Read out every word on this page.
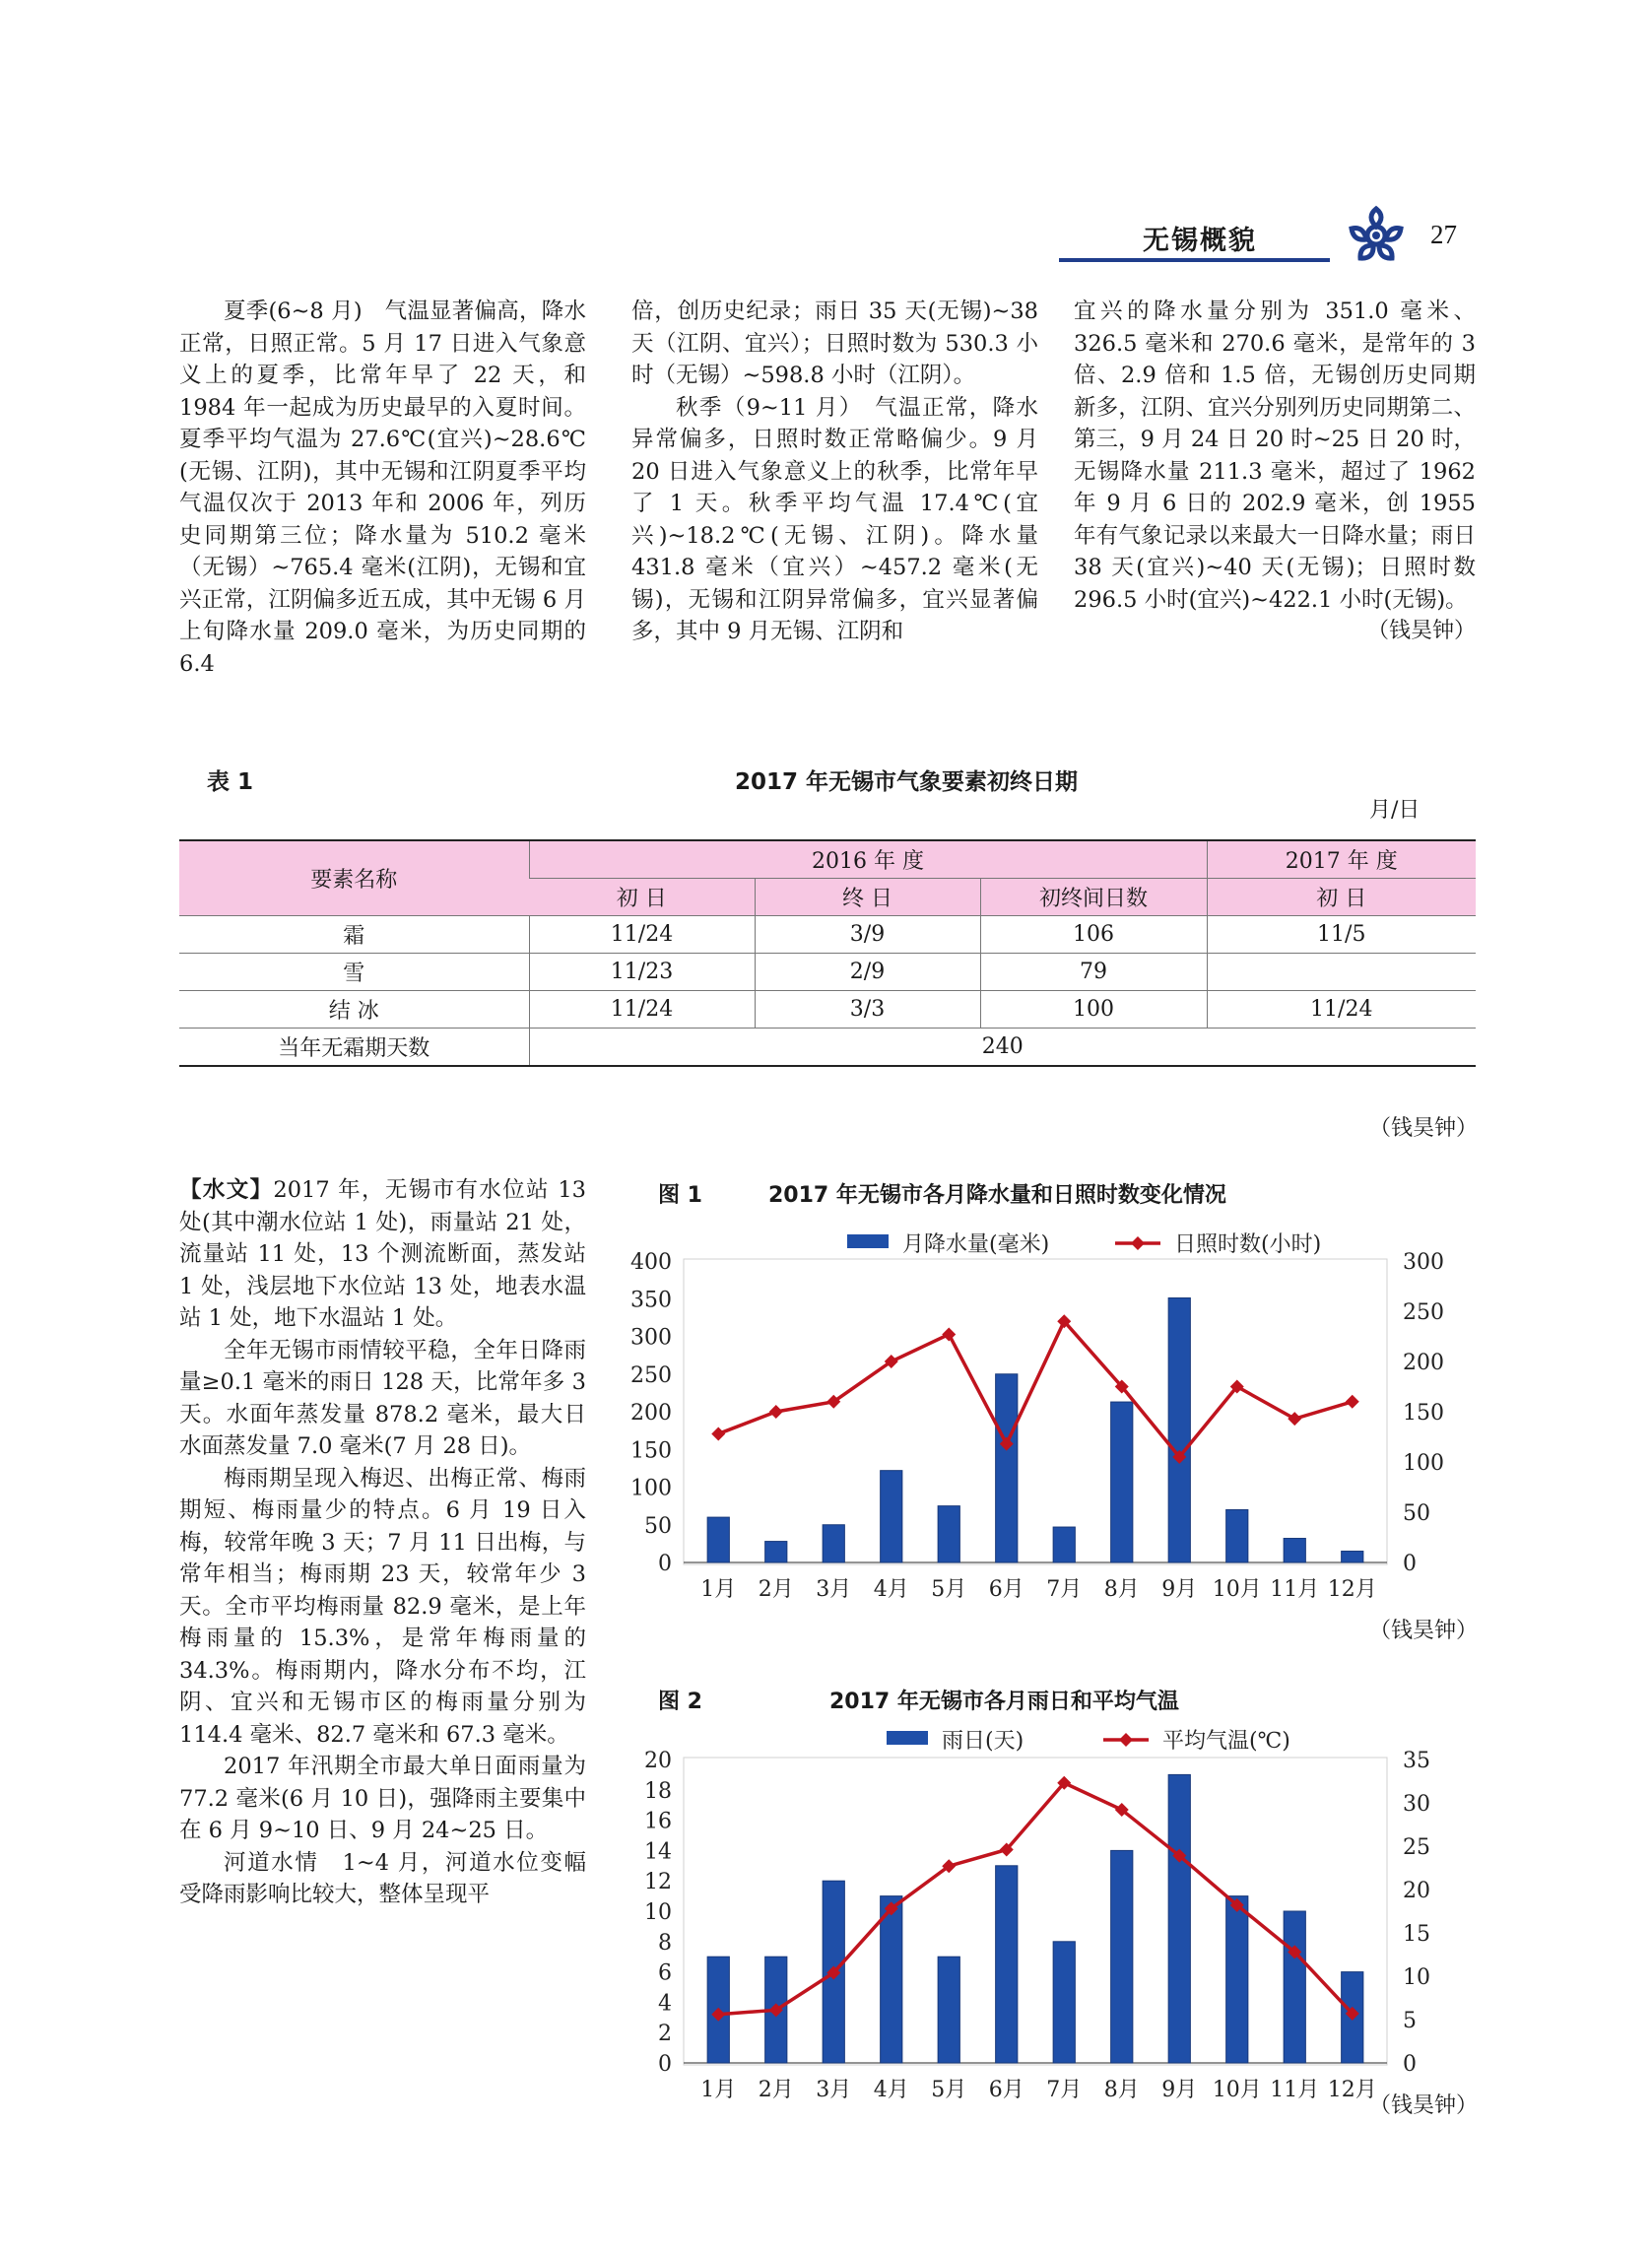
无锡概貌	27

夏季(6~8 月)　气温显著偏高，降水正常，日照正常。5 月 17 日进入气象意义上的夏季，比常年早了 22 天，和 1984 年一起成为历史最早的入夏时间。夏季平均气温为 27.6℃(宜兴)~28.6℃(无锡、江阴)，其中无锡和江阴夏季平均气温仅次于 2013 年和 2006 年，列历史同期第三位；降水量为 510.2 毫米（无锡）~765.4 毫米(江阴)，无锡和宜兴正常，江阴偏多近五成，其中无锡 6 月上旬降水量 209.0 毫米，为历史同期的 6.4

倍，创历史纪录；雨日 35 天(无锡)~38 天（江阴、宜兴）；日照时数为 530.3 小时（无锡）~598.8 小时（江阴）。

秋季（9~11 月）　气温正常，降水异常偏多，日照时数正常略偏少。9 月 20 日进入气象意义上的秋季，比常年早了 1 天。秋季平均气温 17.4℃(宜兴)~18.2℃(无锡、江阴)。降水量 431.8 毫米（宜兴）~457.2 毫米(无锡)，无锡和江阴异常偏多，宜兴显著偏多，其中 9 月无锡、江阴和

宜兴的降水量分别为 351.0 毫米、326.5 毫米和 270.6 毫米，是常年的 3 倍、2.9 倍和 1.5 倍，无锡创历史同期新多，江阴、宜兴分别列历史同期第二、第三，9 月 24 日 20 时~25 日 20 时，无锡降水量 211.3 毫米，超过了 1962 年 9 月 6 日的 202.9 毫米，创 1955 年有气象记录以来最大一日降水量；雨日 38 天(宜兴)~40 天(无锡)；日照时数 296.5 小时(宜兴)~422.1 小时(无锡)。

（钱昊钟）

表 1	2017 年无锡市气象要素初终日期
月/日
要素名称	2016 年 度			2017 年 度
	初 日	终 日	初终间日数	初 日
霜	11/24	3/9	106	11/5
雪	11/23	2/9	79	
结 冰	11/24	3/3	100	11/24
当年无霜期天数	240			
（钱昊钟）

【水文】2017 年，无锡市有水位站 13 处(其中潮水位站 1 处)，雨量站 21 处，流量站 11 处，13 个测流断面，蒸发站 1 处，浅层地下水位站 13 处，地表水温站 1 处，地下水温站 1 处。

全年无锡市雨情较平稳，全年日降雨量≥0.1 毫米的雨日 128 天，比常年多 3 天。水面年蒸发量 878.2 毫米，最大日水面蒸发量 7.0 毫米(7 月 28 日)。

梅雨期呈现入梅迟、出梅正常、梅雨期短、梅雨量少的特点。6 月 19 日入梅，较常年晚 3 天；7 月 11 日出梅，与常年相当；梅雨期 23 天，较常年少 3 天。全市平均梅雨量 82.9 毫米，是上年梅雨量的 15.3%，是常年梅雨量的 34.3%。梅雨期内，降水分布不均，江阴、宜兴和无锡市区的梅雨量分别为 114.4 毫米、82.7 毫米和 67.3 毫米。

2017 年汛期全市最大单日面雨量为 77.2 毫米(6 月 10 日)，强降雨主要集中在 6 月 9~10 日、9 月 24~25 日。

河道水情　1~4 月，河道水位变幅受降雨影响比较大，整体呈现平

图 1	2017 年无锡市各月降水量和日照时数变化情况
0
50
100
150
200
250
300
350
400
0
50
100
150
200
250
300
1月 2月 3月 4月 5月 6月 7月 8月 9月 10月 11月 12月
月降水量(毫米)	日照时数(小时)
（钱昊钟）
图 2	2017 年无锡市各月雨日和平均气温
0
2
4
6
8
10
12
14
16
18
20
0
5
10
15
20
25
30
35
1月 2月 3月 4月 5月 6月 7月 8月 9月 10月 11月 12月
雨日(天)	平均气温(℃)
（钱昊钟）
